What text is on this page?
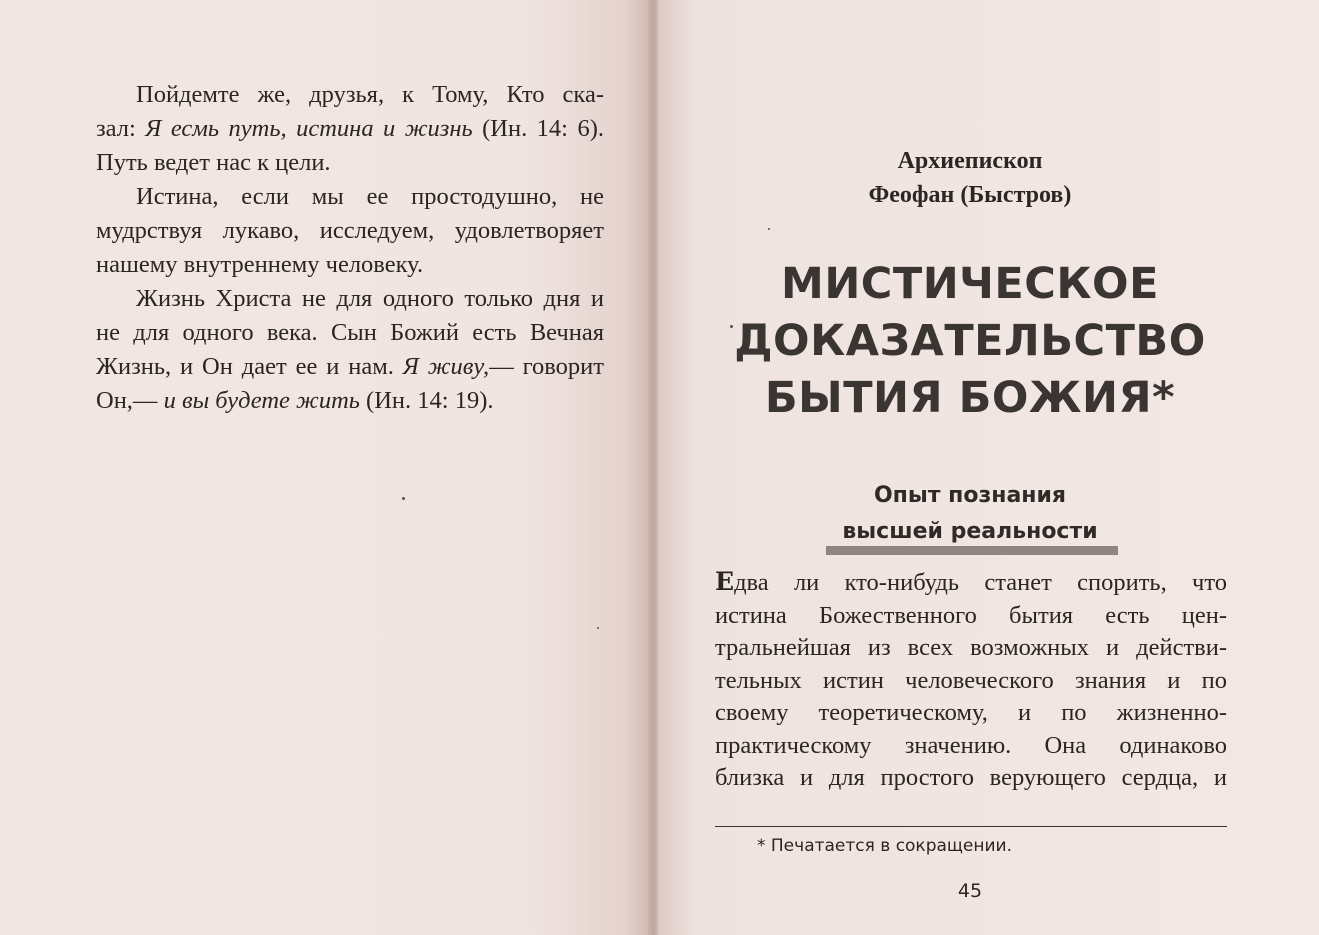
Пойдемте же, друзья, к Тому, Кто ска-
зал: Я есмь путь, истина и жизнь (Ин. 14: 6).
Путь ведет нас к цели.

Истина, если мы ее простодушно, не
мудрствуя лукаво, исследуем, удовлетворяет
нашему внутреннему человеку.

Жизнь Христа не для одного только дня и
не для одного века. Сын Божий есть Вечная
Жизнь, и Он дает ее и нам. Я живу,— говорит
Он,— и вы будете жить (Ин. 14: 19).

Архиепископ
Феофан (Быстров)
МИСТИЧЕСКОЕ
ДОКАЗАТЕЛЬСТВО
БЫТИЯ БОЖИЯ*
Опыт познания
высшей реальности

Едва ли кто-нибудь станет спорить, что
истина Божественного бытия есть цен-
тральнейшая из всех возможных и действи-
тельных истин человеческого знания и по
своему теоретическому, и по жизненно-
практическому значению. Она одинаково
близка и для простого верующего сердца, и

* Печатается в сокращении.
45
